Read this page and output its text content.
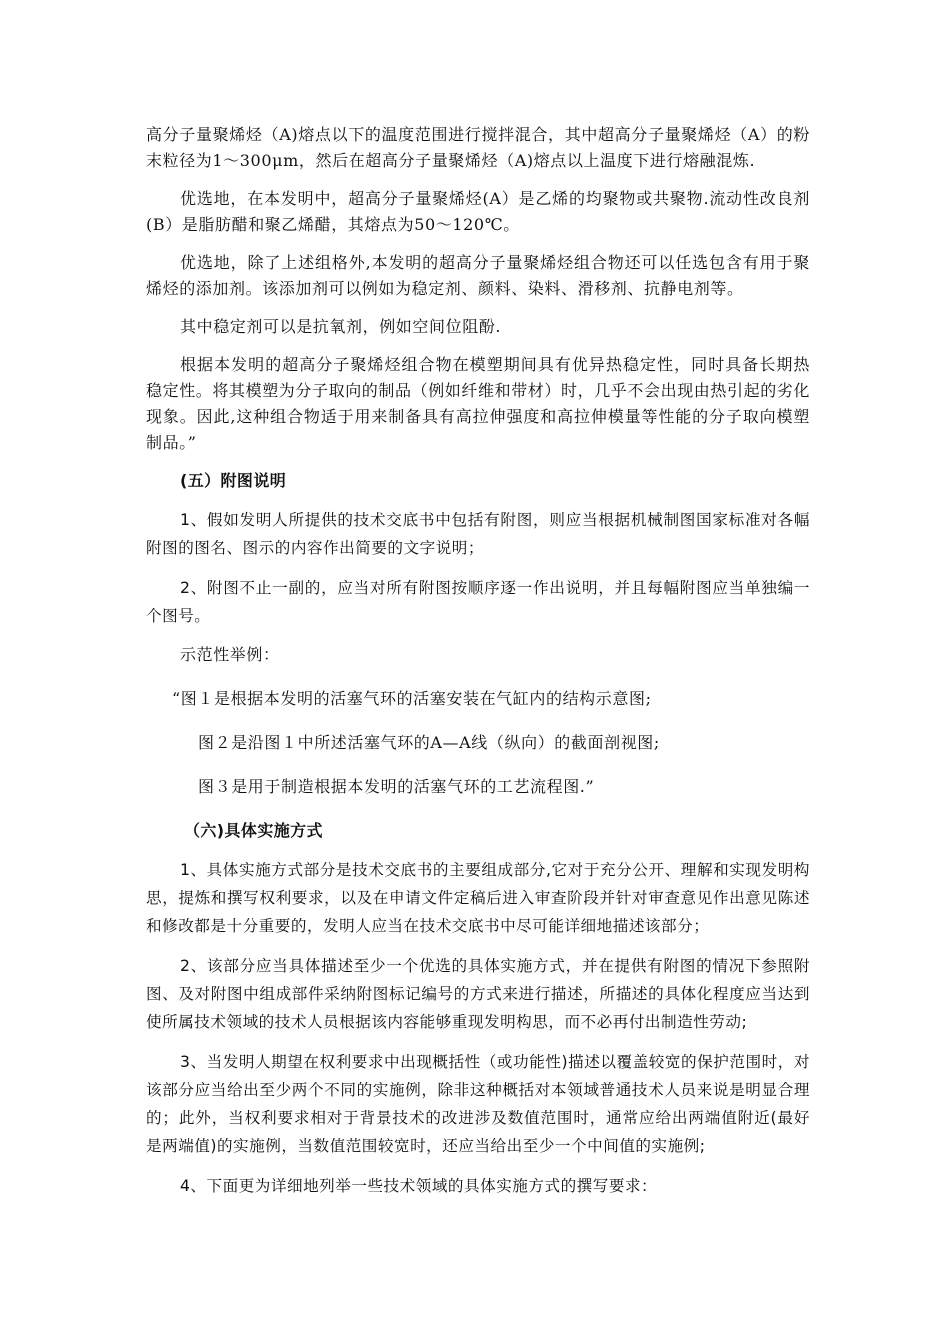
高分子量聚烯烃（A)熔点以下的温度范围进行搅拌混合，其中超高分子量聚烯烃（A）的粉末粒径为1～300μm，然后在超高分子量聚烯烃（A)熔点以上温度下进行熔融混炼.

优选地，在本发明中，超高分子量聚烯烃(A）是乙烯的均聚物或共聚物.流动性改良剂(B）是脂肪醋和聚乙烯醋，其熔点为50～120℃。

优选地，除了上述组格外,本发明的超高分子量聚烯烃组合物还可以任选包含有用于聚烯烃的添加剂。该添加剂可以例如为稳定剂、颜料、染料、滑移剂、抗静电剂等。

其中稳定剂可以是抗氧剂，例如空间位阻酚.

根据本发明的超高分子聚烯烃组合物在模塑期间具有优异热稳定性，同时具备长期热稳定性。将其模塑为分子取向的制品（例如纤维和带材）时，几乎不会出现由热引起的劣化现象。因此,这种组合物适于用来制备具有高拉伸强度和高拉伸模量等性能的分子取向模塑制品。”

(五）附图说明

1、假如发明人所提供的技术交底书中包括有附图，则应当根据机械制图国家标准对各幅附图的图名、图示的内容作出简要的文字说明；

2、附图不止一副的，应当对所有附图按顺序逐一作出说明，并且每幅附图应当单独编一个图号。

示范性举例：
“图１是根据本发明的活塞气环的活塞安装在气缸内的结构示意图;
图２是沿图１中所述活塞气环的A—A线（纵向）的截面剖视图;
图３是用于制造根据本发明的活塞气环的工艺流程图.”
（六)具体实施方式

1、具体实施方式部分是技术交底书的主要组成部分,它对于充分公开、理解和实现发明构思，提炼和撰写权利要求，以及在申请文件定稿后进入审查阶段并针对审查意见作出意见陈述和修改都是十分重要的，发明人应当在技术交底书中尽可能详细地描述该部分；

2、该部分应当具体描述至少一个优选的具体实施方式，并在提供有附图的情况下参照附图、及对附图中组成部件采纳附图标记编号的方式来进行描述，所描述的具体化程度应当达到使所属技术领域的技术人员根据该内容能够重现发明构思，而不必再付出制造性劳动;

3、当发明人期望在权利要求中出现概括性（或功能性)描述以覆盖较宽的保护范围时，对该部分应当给出至少两个不同的实施例，除非这种概括对本领域普通技术人员来说是明显合理的；此外，当权利要求相对于背景技术的改进涉及数值范围时，通常应给出两端值附近(最好是两端值)的实施例，当数值范围较宽时，还应当给出至少一个中间值的实施例;

4、下面更为详细地列举一些技术领域的具体实施方式的撰写要求：
